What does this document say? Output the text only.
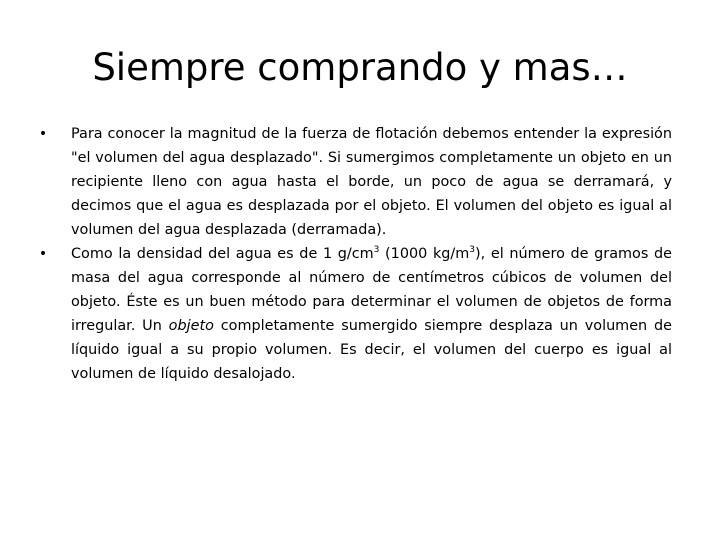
Siempre comprando y mas…
• Para conocer la magnitud de la fuerza de flotación debemos entender la expresión "el volumen del agua desplazado". Si sumergimos completamente un objeto en un recipiente lleno con agua hasta el borde, un poco de agua se derramará, y decimos que el agua es desplazada por el objeto. El volumen del objeto es igual al volumen del agua desplazada (derramada).
• Como la densidad del agua es de 1 $g/cm^3$ (1000 $kg/m^3$), el número de gramos de masa del agua corresponde al número de centímetros cúbicos de volumen del objeto. Éste es un buen método para determinar el volumen de objetos de forma irregular. Un objeto completamente sumergido siempre desplaza un volumen de líquido igual a su propio volumen. Es decir, el volumen del cuerpo es igual al volumen de líquido desalojado.
